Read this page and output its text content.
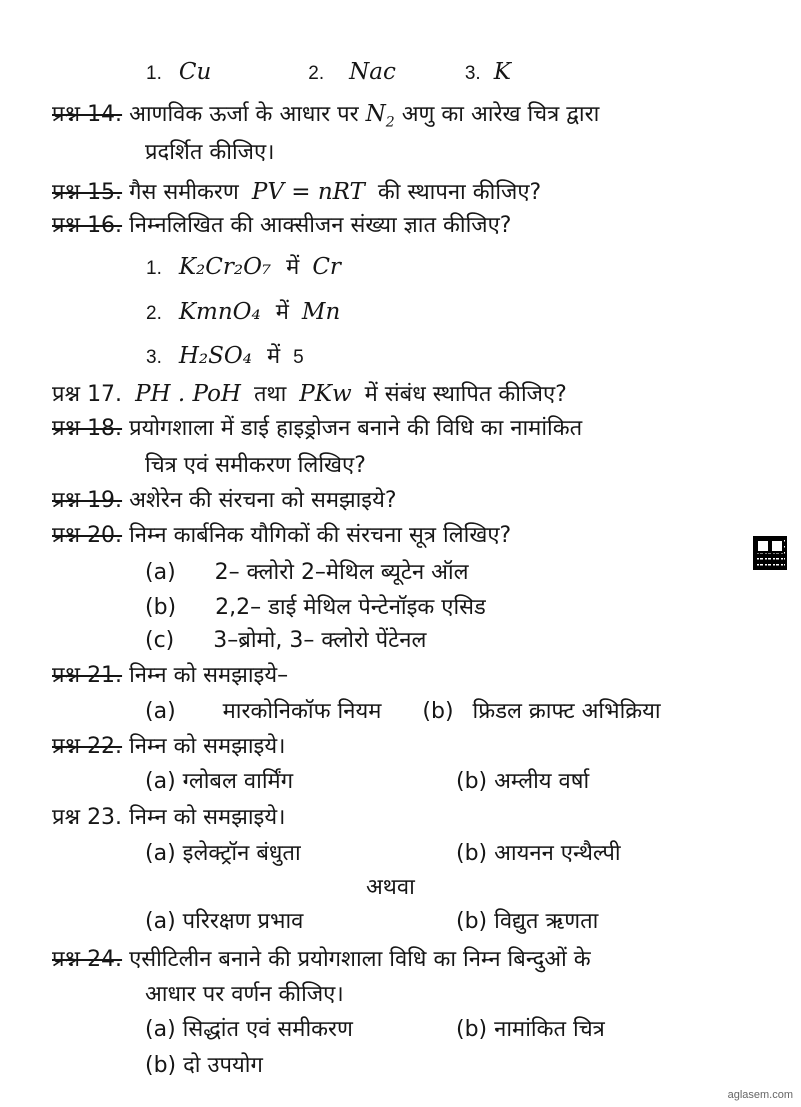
1. Cu	2. Nac	3. K
प्रश्न 14. आणविक ऊर्जा के आधार पर $N_2$ अणु का आरेख चित्र द्वारा
प्रदर्शित कीजिए।
प्रश्न 15. गैस समीकरण PV = nRT की स्थापना कीजिए?
प्रश्न 16. निम्नलिखित की आक्सीजन संख्या ज्ञात कीजिए?
1. K₂Cr₂O₇ में Cr
2. KmnO₄ में Mn
3. H₂SO₄ में 5
प्रश्न 17. PH . PoH तथा PKw में संबंध स्थापित कीजिए?
प्रश्न 18. प्रयोगशाला में डाई हाइड्रोजन बनाने की विधि का नामांकित
चित्र एवं समीकरण लिखिए?
प्रश्न 19. अशेरेन की संरचना को समझाइये?
प्रश्न 20. निम्न कार्बनिक यौगिकों की संरचना सूत्र लिखिए?
(a) 2– क्लोरो 2–मेथिल ब्यूटेन ऑल
(b) 2,2– डाई मेथिल पेन्टेनॉइक एसिड
(c) 3–ब्रोमो, 3– क्लोरो पेंटेनल
प्रश्न 21. निम्न को समझाइये–
(a) मारकोनिकॉफ नियम (b) फ्रिडल क्राफ्ट अभिक्रिया
प्रश्न 22. निम्न को समझाइये।
(a) ग्लोबल वार्मिंग	(b) अम्लीय वर्षा
प्रश्न 23. निम्न को समझाइये।
(a) इलेक्ट्रॉन बंधुता	(b) आयनन एन्थैल्पी
अथवा
(a) परिरक्षण प्रभाव	(b) विद्युत ऋणता
प्रश्न 24. एसीटिलीन बनाने की प्रयोगशाला विधि का निम्न बिन्दुओं के
आधार पर वर्णन कीजिए।
(a) सिद्धांत एवं समीकरण	(b) नामांकित चित्र
(b) दो उपयोग
aglasem.com
